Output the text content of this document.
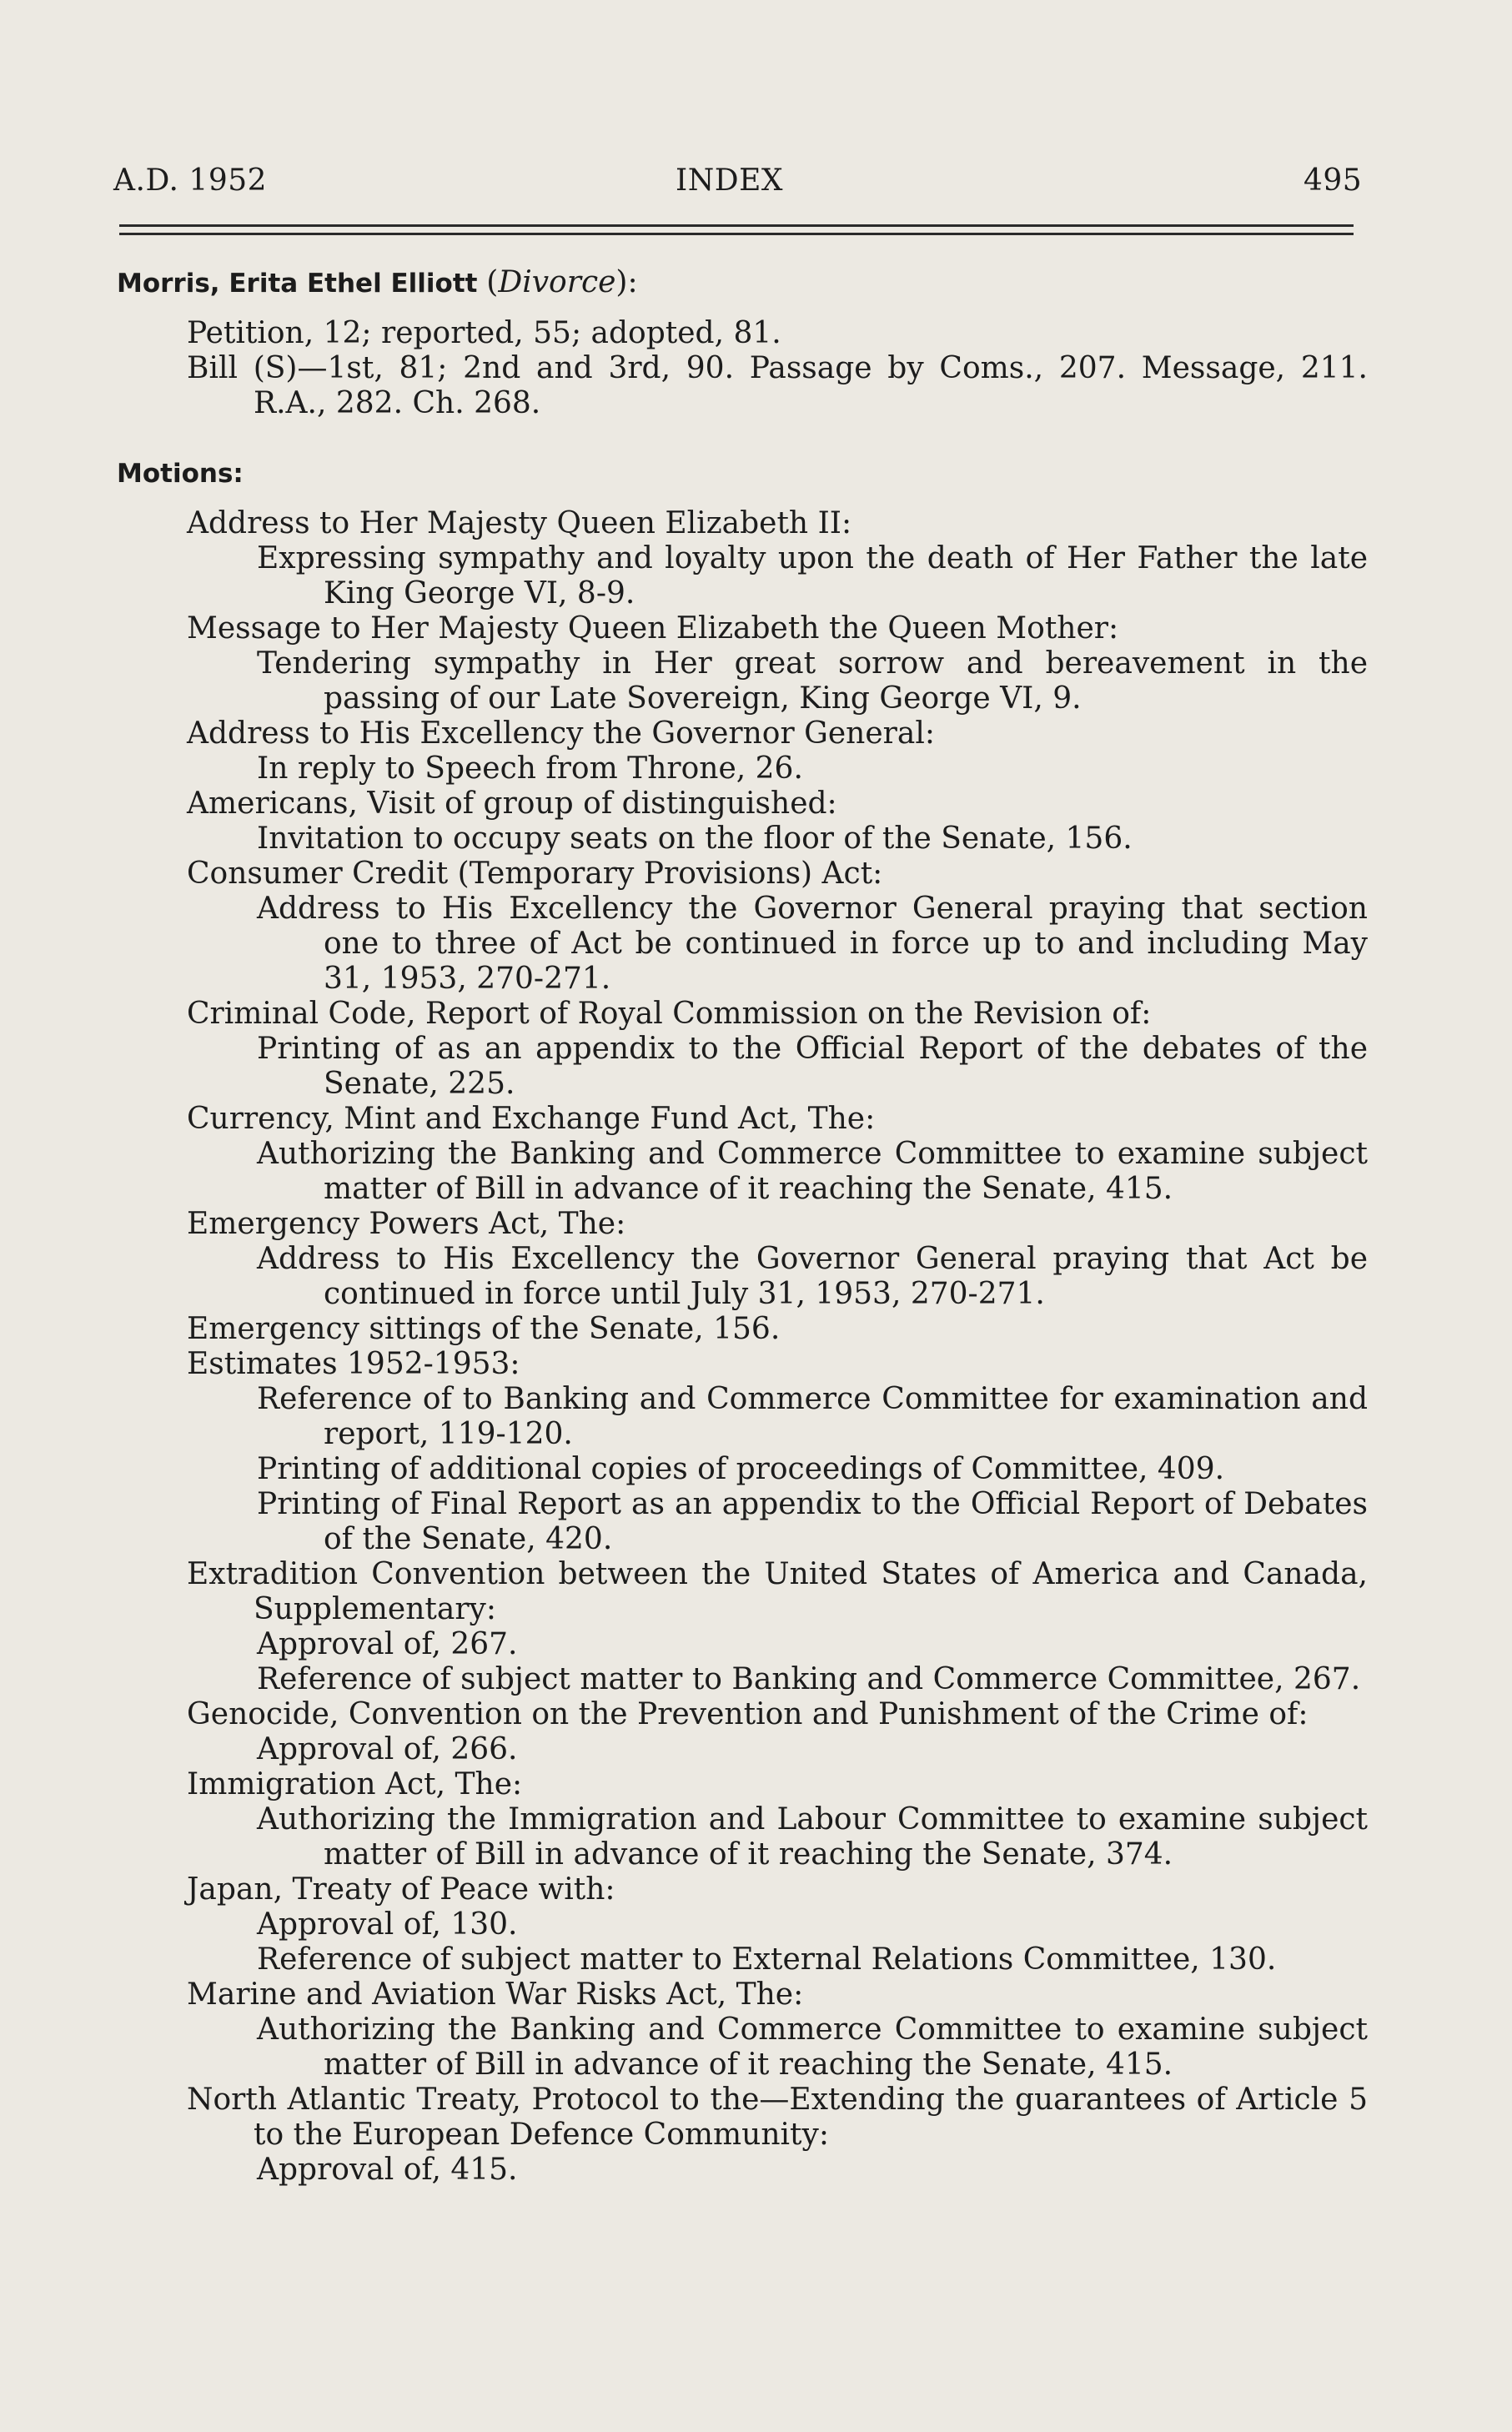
A.D. 1952	INDEX	495
Morris, Erita Ethel Elliott (Divorce):
Petition, 12; reported, 55; adopted, 81.
Bill (S)—1st, 81; 2nd and 3rd, 90. Passage by Coms., 207. Message, 211. R.A., 282. Ch. 268.
Motions:
Address to Her Majesty Queen Elizabeth II:
Expressing sympathy and loyalty upon the death of Her Father the late King George VI, 8-9.
Message to Her Majesty Queen Elizabeth the Queen Mother:
Tendering sympathy in Her great sorrow and bereavement in the passing of our Late Sovereign, King George VI, 9.
Address to His Excellency the Governor General:
In reply to Speech from Throne, 26.
Americans, Visit of group of distinguished:
Invitation to occupy seats on the floor of the Senate, 156.
Consumer Credit (Temporary Provisions) Act:
Address to His Excellency the Governor General praying that section one to three of Act be continued in force up to and including May 31, 1953, 270-271.
Criminal Code, Report of Royal Commission on the Revision of:
Printing of as an appendix to the Official Report of the debates of the Senate, 225.
Currency, Mint and Exchange Fund Act, The:
Authorizing the Banking and Commerce Committee to examine subject matter of Bill in advance of it reaching the Senate, 415.
Emergency Powers Act, The:
Address to His Excellency the Governor General praying that Act be continued in force until July 31, 1953, 270-271.
Emergency sittings of the Senate, 156.
Estimates 1952-1953:
Reference of to Banking and Commerce Committee for examination and report, 119-120.
Printing of additional copies of proceedings of Committee, 409.
Printing of Final Report as an appendix to the Official Report of Debates of the Senate, 420.
Extradition Convention between the United States of America and Canada, Supplementary:
Approval of, 267.
Reference of subject matter to Banking and Commerce Committee, 267.
Genocide, Convention on the Prevention and Punishment of the Crime of:
Approval of, 266.
Immigration Act, The:
Authorizing the Immigration and Labour Committee to examine subject matter of Bill in advance of it reaching the Senate, 374.
Japan, Treaty of Peace with:
Approval of, 130.
Reference of subject matter to External Relations Committee, 130.
Marine and Aviation War Risks Act, The:
Authorizing the Banking and Commerce Committee to examine subject matter of Bill in advance of it reaching the Senate, 415.
North Atlantic Treaty, Protocol to the—Extending the guarantees of Article 5 to the European Defence Community:
Approval of, 415.
